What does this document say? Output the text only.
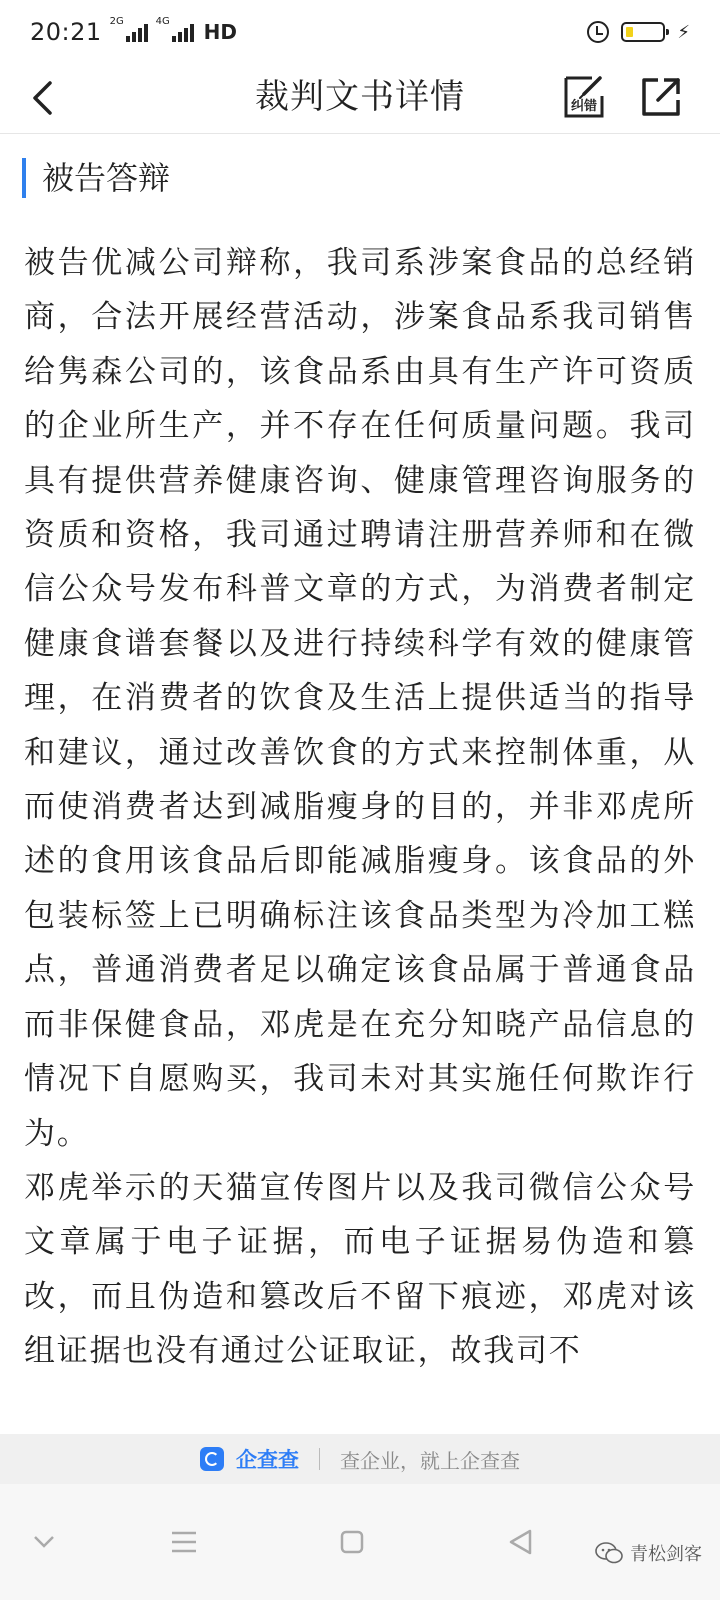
20:21 2G	4G HD	⚡
裁判文书详情	纠错
被告答辩

被告优减公司辩称，我司系涉案食品的总经销商，合法开展经营活动，涉案食品系我司销售给隽森公司的，该食品系由具有生产许可资质的企业所生产，并不存在任何质量问题。我司具有提供营养健康咨询、健康管理咨询服务的资质和资格，我司通过聘请注册营养师和在微信公众号发布科普文章的方式，为消费者制定健康食谱套餐以及进行持续科学有效的健康管理，在消费者的饮食及生活上提供适当的指导和建议，通过改善饮食的方式来控制体重，从而使消费者达到减脂瘦身的目的，并非邓虎所述的食用该食品后即能减脂瘦身。该食品的外包装标签上已明确标注该食品类型为冷加工糕点，普通消费者足以确定该食品属于普通食品而非保健食品，邓虎是在充分知晓产品信息的情况下自愿购买，我司未对其实施任何欺诈行为。

邓虎举示的天猫宣传图片以及我司微信公众号文章属于电子证据，而电子证据易伪造和篡改，而且伪造和篡改后不留下痕迹，邓虎对该组证据也没有通过公证取证，故我司不

企查查 查企业，就上企查查
青松剑客
